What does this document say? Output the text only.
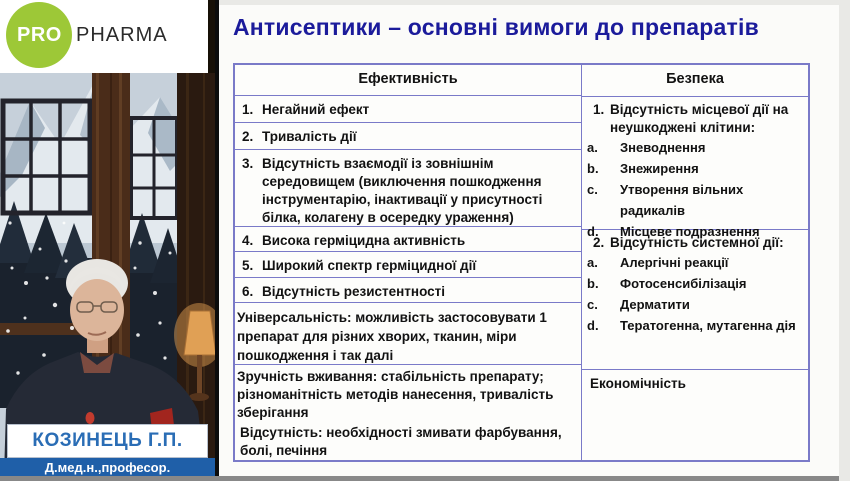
PRO PHARMA
КОЗИНЕЦЬ Г.П.
Д.мед.н.,професор.
Антисептики – основні вимоги до препаратів
Ефективність
1. Негайний ефект
2. Тривалість дії
3. Відсутність взаємодії із зовнішнім середовищем (виключення пошкодження інструментарію, інактивації у присутності білка, колагену в осередку ураження)
4. Висока герміцидна активність
5. Широкий спектр герміцидної дії
6. Відсутність резистентності
Універсальність: можливість застосовувати 1 препарат для різних хворих, тканин, міри пошкодження і так далі
Зручність вживання: стабільність препарату; різноманітність методів нанесення, тривалість зберігання
Відсутність: необхідності змивати фарбування, болі, печіння
Безпека
1. Відсутність місцевої дії на неушкоджені клітини:
a.	Зневоднення
b.	Знежирення
c.	Утворення вільних радикалів
d.	Місцеве подразнення
2. Відсутність системної дії:
a.	Алергічні реакції
b.	Фотосенсибілізація
c.	Дерматити
d.	Тератогенна, мутагенна дія
Економічність
